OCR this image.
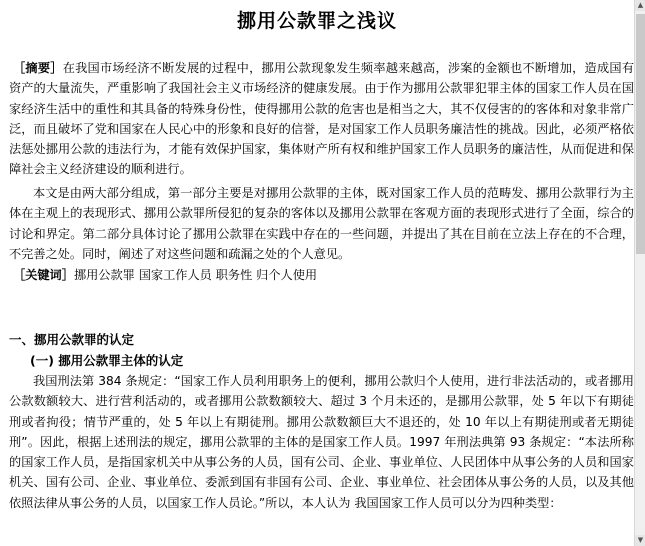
挪用公款罪之浅议

［摘要］在我国市场经济不断发展的过程中，挪用公款现象发生频率越来越高，涉案的金额也不断增加，造成国有资产的大量流失，严重影响了我国社会主义市场经济的健康发展。由于作为挪用公款罪犯罪主体的国家工作人员在国家经济生活中的重性和其具备的特殊身份性，使得挪用公款的危害也是相当之大，其不仅侵害的的客体和对象非常广泛，而且破坏了党和国家在人民心中的形象和良好的信誉，是对国家工作人员职务廉洁性的挑战。因此，必须严格依法惩处挪用公款的违法行为，才能有效保护国家，集体财产所有权和维护国家工作人员职务的廉洁性，从而促进和保障社会主义经济建设的顺利进行。

本文是由两大部分组成，第一部分主要是对挪用公款罪的主体，既对国家工作人员的范畴发、挪用公款罪行为主体在主观上的表现形式、挪用公款罪所侵犯的复杂的客体以及挪用公款罪在客观方面的表现形式进行了全面，综合的讨论和界定。第二部分具体讨论了挪用公款罪在实践中存在的一些问题，并提出了其在目前在立法上存在的不合理，不完善之处。同时，阐述了对这些问题和疏漏之处的个人意见。

［关键词］挪用公款罪 国家工作人员 职务性 归个人使用

一、挪用公款罪的认定
(一) 挪用公款罪主体的认定

我国刑法第 384 条规定：“国家工作人员利用职务上的便利，挪用公款归个人使用，进行非法活动的，或者挪用公款数额较大、进行营利活动的，或者挪用公款数额较大、超过 3 个月未还的，是挪用公款罪，处 5 年以下有期徒刑或者拘役；情节严重的，处 5 年以上有期徒刑。挪用公款数额巨大不退还的，处 10 年以上有期徒刑或者无期徒刑”。因此，根据上述刑法的规定，挪用公款罪的主体的是国家工作人员。1997 年刑法典第 93 条规定：“本法所称的国家工作人员，是指国家机关中从事公务的人员，国有公司、企业、事业单位、人民团体中从事公务的人员和国家机关、国有公司、企业、事业单位、委派到国有非国有公司、企业、事业单位、社会团体从事公务的人员，以及其他依照法律从事公务的人员，以国家工作人员论。”所以，本人认为 我国国家工作人员可以分为四种类型：

▲
▼
